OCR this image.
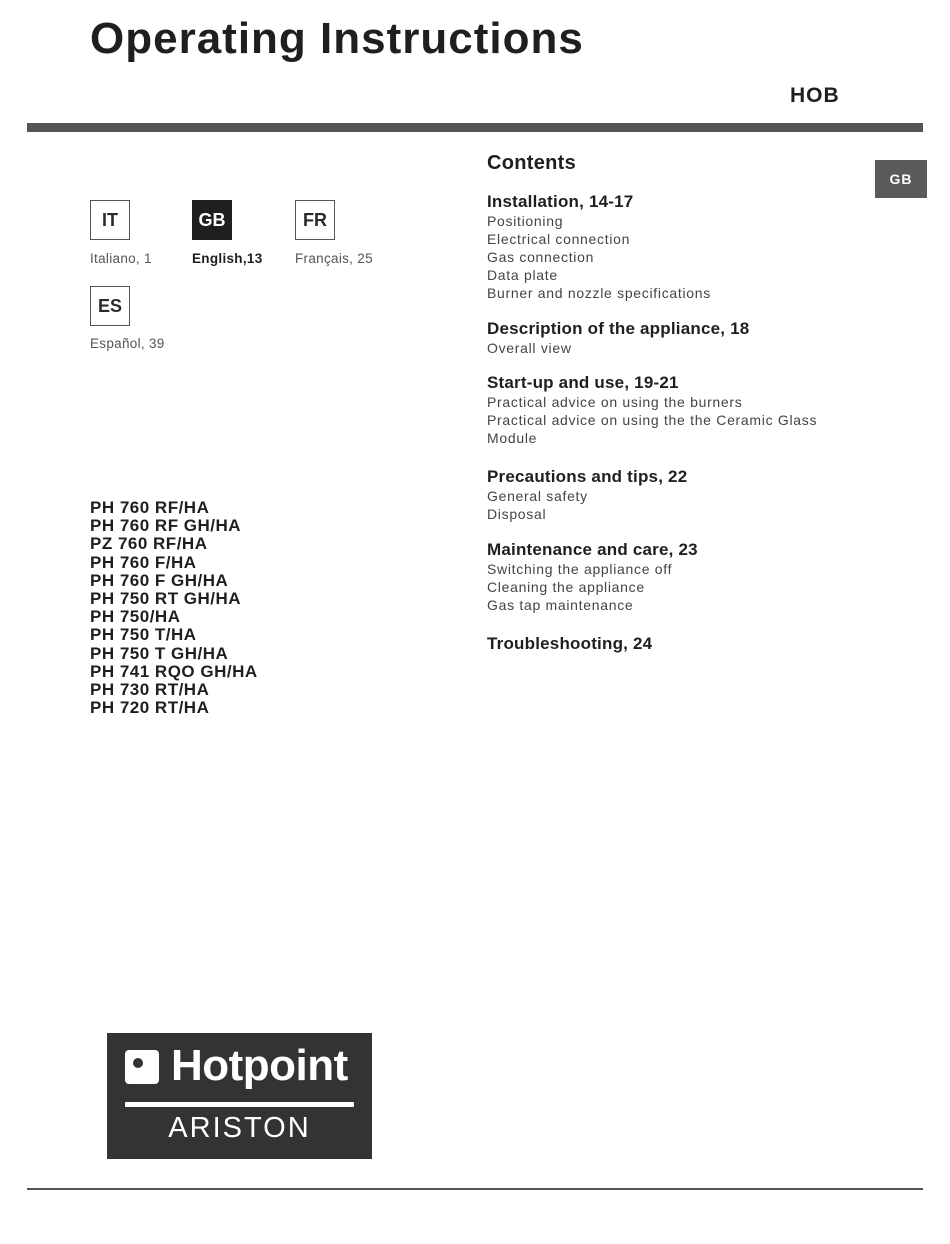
Operating Instructions
HOB
GB
IT
Italiano, 1
GB
English,13
FR
Français, 25
ES
Español, 39
PH 760 RF/HA
PH 760 RF GH/HA
PZ 760 RF/HA
PH 760 F/HA
PH 760 F GH/HA
PH 750 RT GH/HA
PH 750/HA
PH 750 T/HA
PH 750 T GH/HA
PH 741 RQO GH/HA
PH 730 RT/HA
PH 720 RT/HA
Contents
Installation, 14-17
Positioning
Electrical connection
Gas connection
Data plate
Burner and nozzle specifications
Description of the appliance, 18
Overall view
Start-up and use, 19-21
Practical advice on using the burners
Practical advice on using the the Ceramic Glass
Module
Precautions and tips, 22
General safety
Disposal
Maintenance and care, 23
Switching the appliance off
Cleaning the appliance
Gas tap maintenance
Troubleshooting, 24
Hotpoint
ARISTON
